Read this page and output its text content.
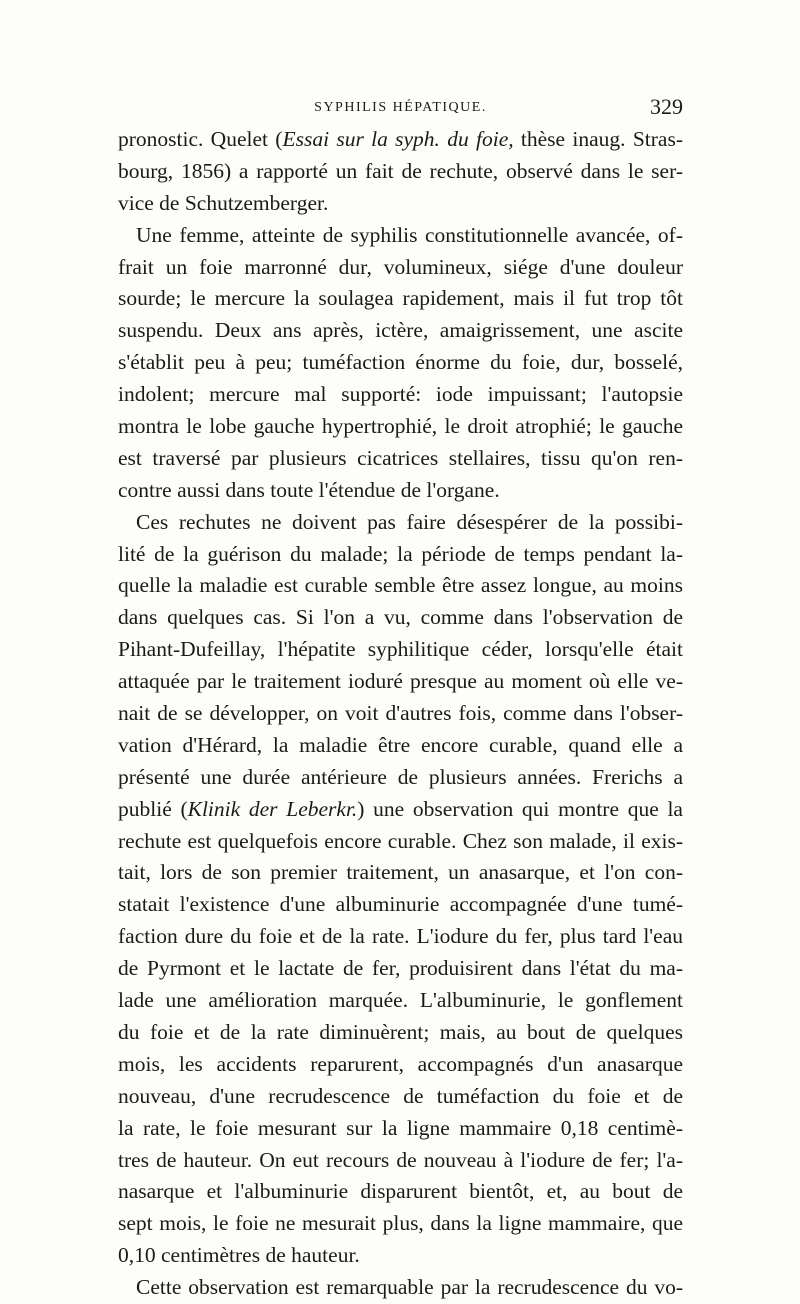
SYPHILIS HÉPATIQUE.	329
pronostic. Quelet (Essai sur la syph. du foie, thèse inaug. Stras-
bourg, 1856) a rapporté un fait de rechute, observé dans le ser-
vice de Schutzemberger.
Une femme, atteinte de syphilis constitutionnelle avancée, of-
frait un foie marronné dur, volumineux, siége d'une douleur
sourde; le mercure la soulagea rapidement, mais il fut trop tôt
suspendu. Deux ans après, ictère, amaigrissement, une ascite
s'établit peu à peu; tuméfaction énorme du foie, dur, bosselé,
indolent; mercure mal supporté: iode impuissant; l'autopsie
montra le lobe gauche hypertrophié, le droit atrophié; le gauche
est traversé par plusieurs cicatrices stellaires, tissu qu'on ren-
contre aussi dans toute l'étendue de l'organe.
Ces rechutes ne doivent pas faire désespérer de la possibi-
lité de la guérison du malade; la période de temps pendant la-
quelle la maladie est curable semble être assez longue, au moins
dans quelques cas. Si l'on a vu, comme dans l'observation de
Pihant-Dufeillay, l'hépatite syphilitique céder, lorsqu'elle était
attaquée par le traitement ioduré presque au moment où elle ve-
nait de se développer, on voit d'autres fois, comme dans l'obser-
vation d'Hérard, la maladie être encore curable, quand elle a
présenté une durée antérieure de plusieurs années. Frerichs a
publié (Klinik der Leberkr.) une observation qui montre que la
rechute est quelquefois encore curable. Chez son malade, il exis-
tait, lors de son premier traitement, un anasarque, et l'on con-
statait l'existence d'une albuminurie accompagnée d'une tumé-
faction dure du foie et de la rate. L'iodure du fer, plus tard l'eau
de Pyrmont et le lactate de fer, produisirent dans l'état du ma-
lade une amélioration marquée. L'albuminurie, le gonflement
du foie et de la rate diminuèrent; mais, au bout de quelques
mois, les accidents reparurent, accompagnés d'un anasarque
nouveau, d'une recrudescence de tuméfaction du foie et de
la rate, le foie mesurant sur la ligne mammaire 0,18 centimè-
tres de hauteur. On eut recours de nouveau à l'iodure de fer; l'a-
nasarque et l'albuminurie disparurent bientôt, et, au bout de
sept mois, le foie ne mesurait plus, dans la ligne mammaire, que
0,10 centimètres de hauteur.
Cette observation est remarquable par la recrudescence du vo-
